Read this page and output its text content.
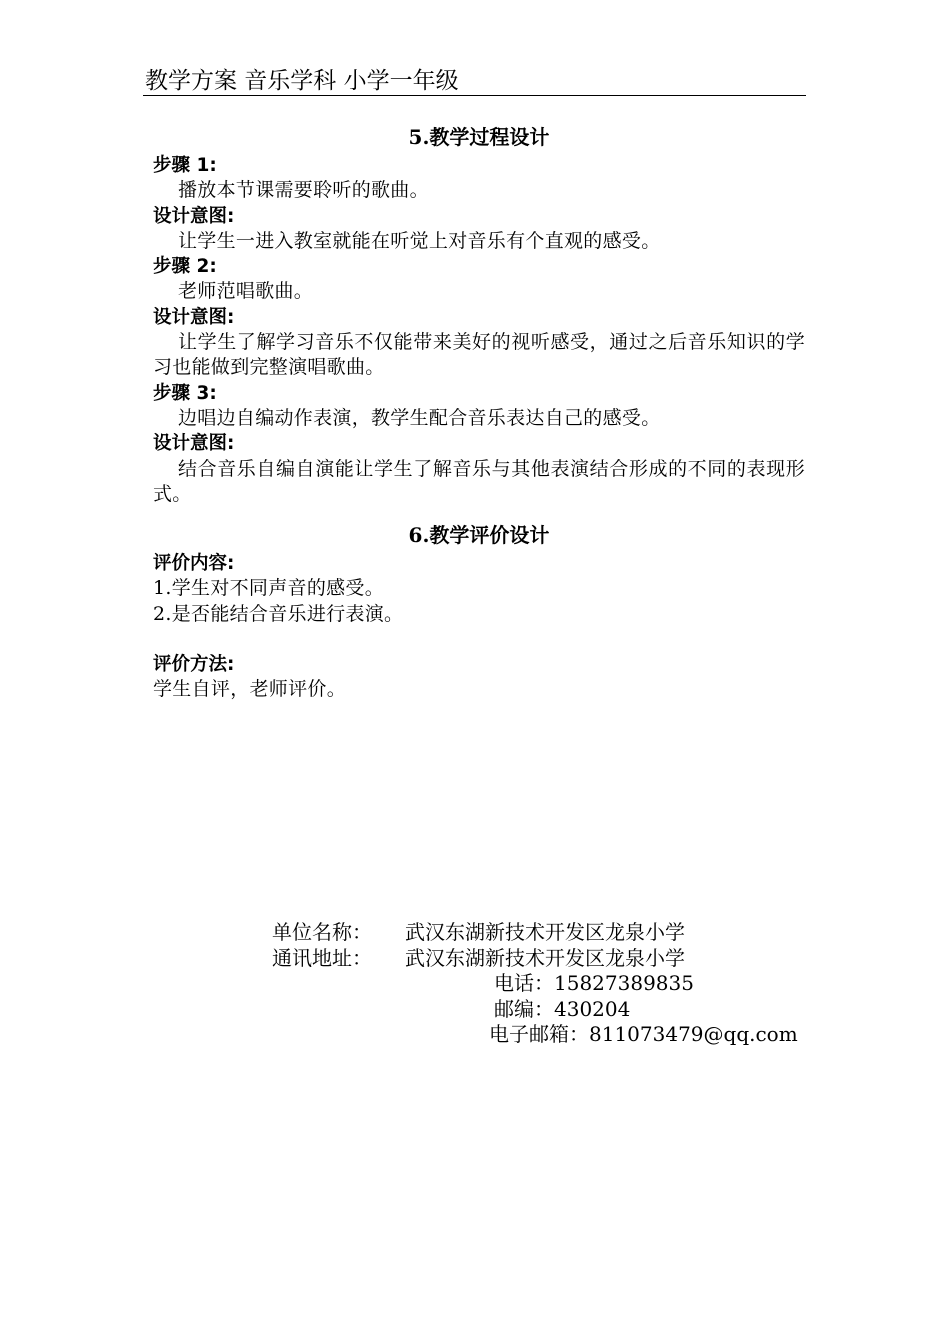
教学方案 音乐学科 小学一年级
5.教学过程设计
步骤 1:
播放本节课需要聆听的歌曲。
设计意图:
让学生一进入教室就能在听觉上对音乐有个直观的感受。
步骤 2:
老师范唱歌曲。
设计意图:
让学生了解学习音乐不仅能带来美好的视听感受，通过之后音乐知识的学习也能做到完整演唱歌曲。
步骤 3:
边唱边自编动作表演，教学生配合音乐表达自己的感受。
设计意图:
结合音乐自编自演能让学生了解音乐与其他表演结合形成的不同的表现形式。
6.教学评价设计
评价内容:
1.学生对不同声音的感受。
2.是否能结合音乐进行表演。
评价方法:
学生自评，老师评价。
单位名称： 武汉东湖新技术开发区龙泉小学
通讯地址： 武汉东湖新技术开发区龙泉小学
电话：15827389835
邮编：430204
电子邮箱：811073479@qq.com
